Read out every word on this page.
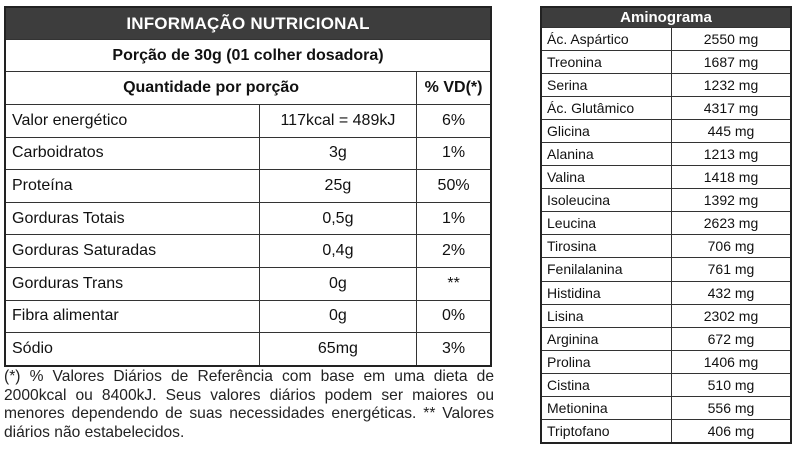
INFORMAÇÃO NUTRICIONAL		
Porção de 30g (01 colher dosadora)		
Quantidade por porção		% VD(*)
Valor energético	117kcal = 489kJ	6%
Carboidratos	3g	1%
Proteína	25g	50%
Gorduras Totais	0,5g	1%
Gorduras Saturadas	0,4g	2%
Gorduras Trans	0g	**
Fibra alimentar	0g	0%
Sódio	65mg	3%

(*) % Valores Diários de Referência com base em uma dieta de 2000kcal ou 8400kJ. Seus valores diários podem ser maiores ou menores dependendo de suas necessidades energéticas. ** Valores diários não estabelecidos.

Aminograma	
Ác. Aspártico	2550 mg
Treonina	1687 mg
Serina	1232 mg
Ác. Glutâmico	4317 mg
Glicina	445 mg
Alanina	1213 mg
Valina	1418 mg
Isoleucina	1392 mg
Leucina	2623 mg
Tirosina	706 mg
Fenilalanina	761 mg
Histidina	432 mg
Lisina	2302 mg
Arginina	672 mg
Prolina	1406 mg
Cistina	510 mg
Metionina	556 mg
Triptofano	406 mg
